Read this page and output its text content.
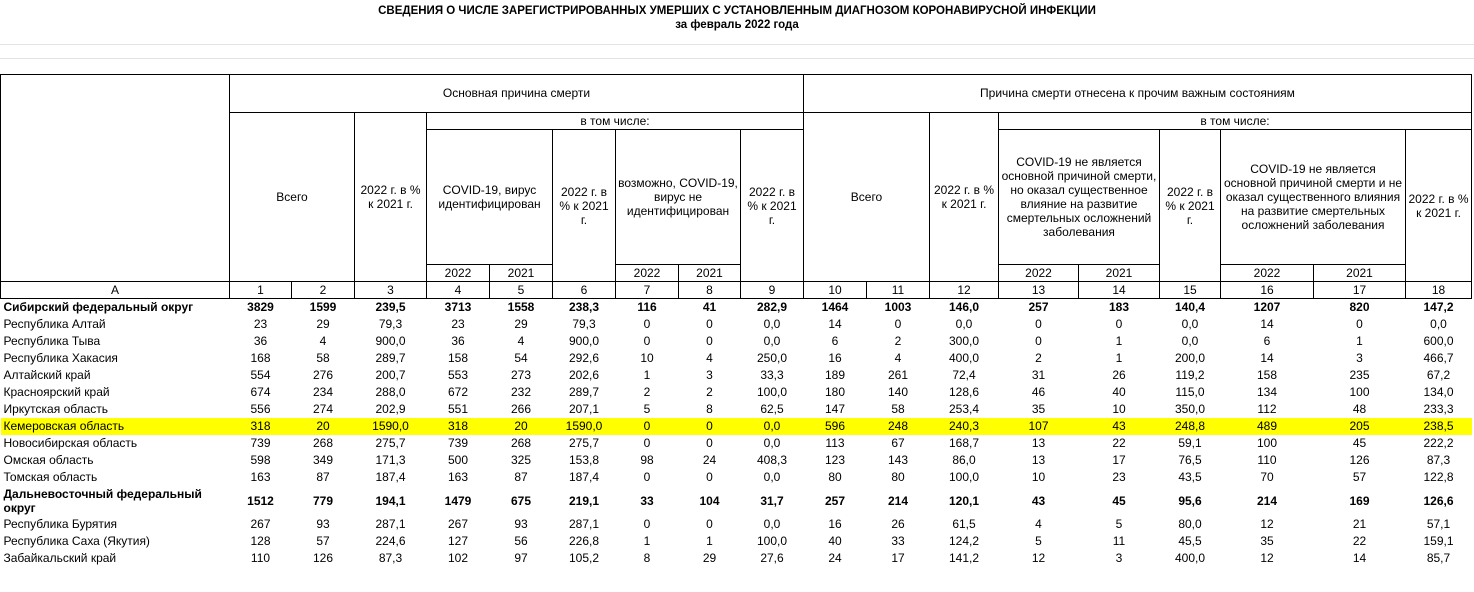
СВЕДЕНИЯ О ЧИСЛЕ ЗАРЕГИСТРИРОВАННЫХ УМЕРШИХ С УСТАНОВЛЕННЫМ ДИАГНОЗОМ КОРОНАВИРУСНОЙ ИНФЕКЦИИ
за февраль 2022 года
	Основная причина смерти									Причина смерти отнесена к прочим важным состояниям								
	Всего		2022 г. в % к 2021 г.	в том числе:						Всего		2022 г. в % к 2021 г.	в том числе:					
				COVID-19, вирус идентифицирован		2022 г. в % к 2021 г.	возможно, COVID-19, вирус не идентифицирован		2022 г. в % к 2021 г.				COVID-19 не является основной причиной смерти, но оказал существенное влияние на развитие смертельных осложнений заболевания		2022 г. в % к 2021 г.	COVID-19 не является основной причиной смерти и не оказал существенного влияния на развитие смертельных осложнений заболевания		2022 г. в % к 2021 г.
				2022	2021		2022	2021					2022	2021		2022	2021	
А	1	2	3	4	5	6	7	8	9	10	11	12	13	14	15	16	17	18
Сибирский федеральный округ	3829	1599	239,5	3713	1558	238,3	116	41	282,9	1464	1003	146,0	257	183	140,4	1207	820	147,2
Республика Алтай	23	29	79,3	23	29	79,3	0	0	0,0	14	0	0,0	0	0	0,0	14	0	0,0
Республика Тыва	36	4	900,0	36	4	900,0	0	0	0,0	6	2	300,0	0	1	0,0	6	1	600,0
Республика Хакасия	168	58	289,7	158	54	292,6	10	4	250,0	16	4	400,0	2	1	200,0	14	3	466,7
Алтайский край	554	276	200,7	553	273	202,6	1	3	33,3	189	261	72,4	31	26	119,2	158	235	67,2
Красноярский край	674	234	288,0	672	232	289,7	2	2	100,0	180	140	128,6	46	40	115,0	134	100	134,0
Иркутская область	556	274	202,9	551	266	207,1	5	8	62,5	147	58	253,4	35	10	350,0	112	48	233,3
Кемеровская область	318	20	1590,0	318	20	1590,0	0	0	0,0	596	248	240,3	107	43	248,8	489	205	238,5
Новосибирская область	739	268	275,7	739	268	275,7	0	0	0,0	113	67	168,7	13	22	59,1	100	45	222,2
Омская область	598	349	171,3	500	325	153,8	98	24	408,3	123	143	86,0	13	17	76,5	110	126	87,3
Томская область	163	87	187,4	163	87	187,4	0	0	0,0	80	80	100,0	10	23	43,5	70	57	122,8
Дальневосточный федеральный округ	1512	779	194,1	1479	675	219,1	33	104	31,7	257	214	120,1	43	45	95,6	214	169	126,6
Республика Бурятия	267	93	287,1	267	93	287,1	0	0	0,0	16	26	61,5	4	5	80,0	12	21	57,1
Республика Саха (Якутия)	128	57	224,6	127	56	226,8	1	1	100,0	40	33	124,2	5	11	45,5	35	22	159,1
Забайкальский край	110	126	87,3	102	97	105,2	8	29	27,6	24	17	141,2	12	3	400,0	12	14	85,7
